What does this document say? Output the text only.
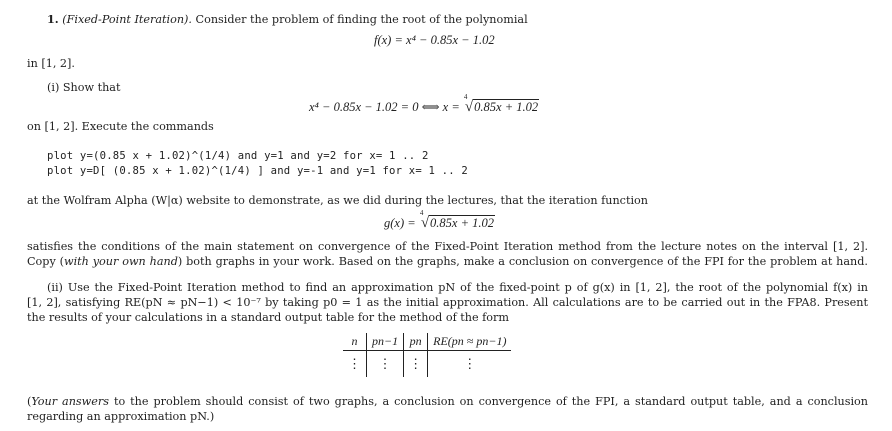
1. (Fixed-Point Iteration). Consider the problem of finding the root of the polynomial
f(x) = x⁴ − 0.85x − 1.02
in [1, 2].
(i) Show that
x⁴ − 0.85x − 1.02 = 0 ⟺ x =
4
√0.85x + 1.02
on [1, 2]. Execute the commands
plot y=(0.85 x + 1.02)^(1/4) and y=1 and y=2 for x= 1 .. 2
plot y=D[ (0.85 x + 1.02)^(1/4) ] and y=-1 and y=1 for x= 1 .. 2
at the Wolfram Alpha (W|α) website to demonstrate, as we did during the lectures, that the iteration function
g(x) =
4
√0.85x + 1.02
satisfies the conditions of the main statement on convergence of the Fixed-Point Iteration method from the lecture notes on the interval [1, 2].
Copy (with your own hand) both graphs in your work. Based on the graphs, make a conclusion on convergence of the FPI for the problem at hand.
(ii) Use the Fixed-Point Iteration method to find an approximation pN of the fixed-point p of g(x) in [1, 2], the root of the polynomial f(x) in
[1, 2], satisfying RE(pN ≈ pN−1) < 10⁻⁷ by taking p0 = 1 as the initial approximation. All calculations are to be carried out in the FPA8. Present
the results of your calculations in a standard output table for the method of the form
n	pn−1	pn	RE(pn ≈ pn−1)
⋮	⋮	⋮	⋮
(Your answers to the problem should consist of two graphs, a conclusion on convergence of the FPI, a standard output table, and a conclusion
regarding an approximation pN.)
